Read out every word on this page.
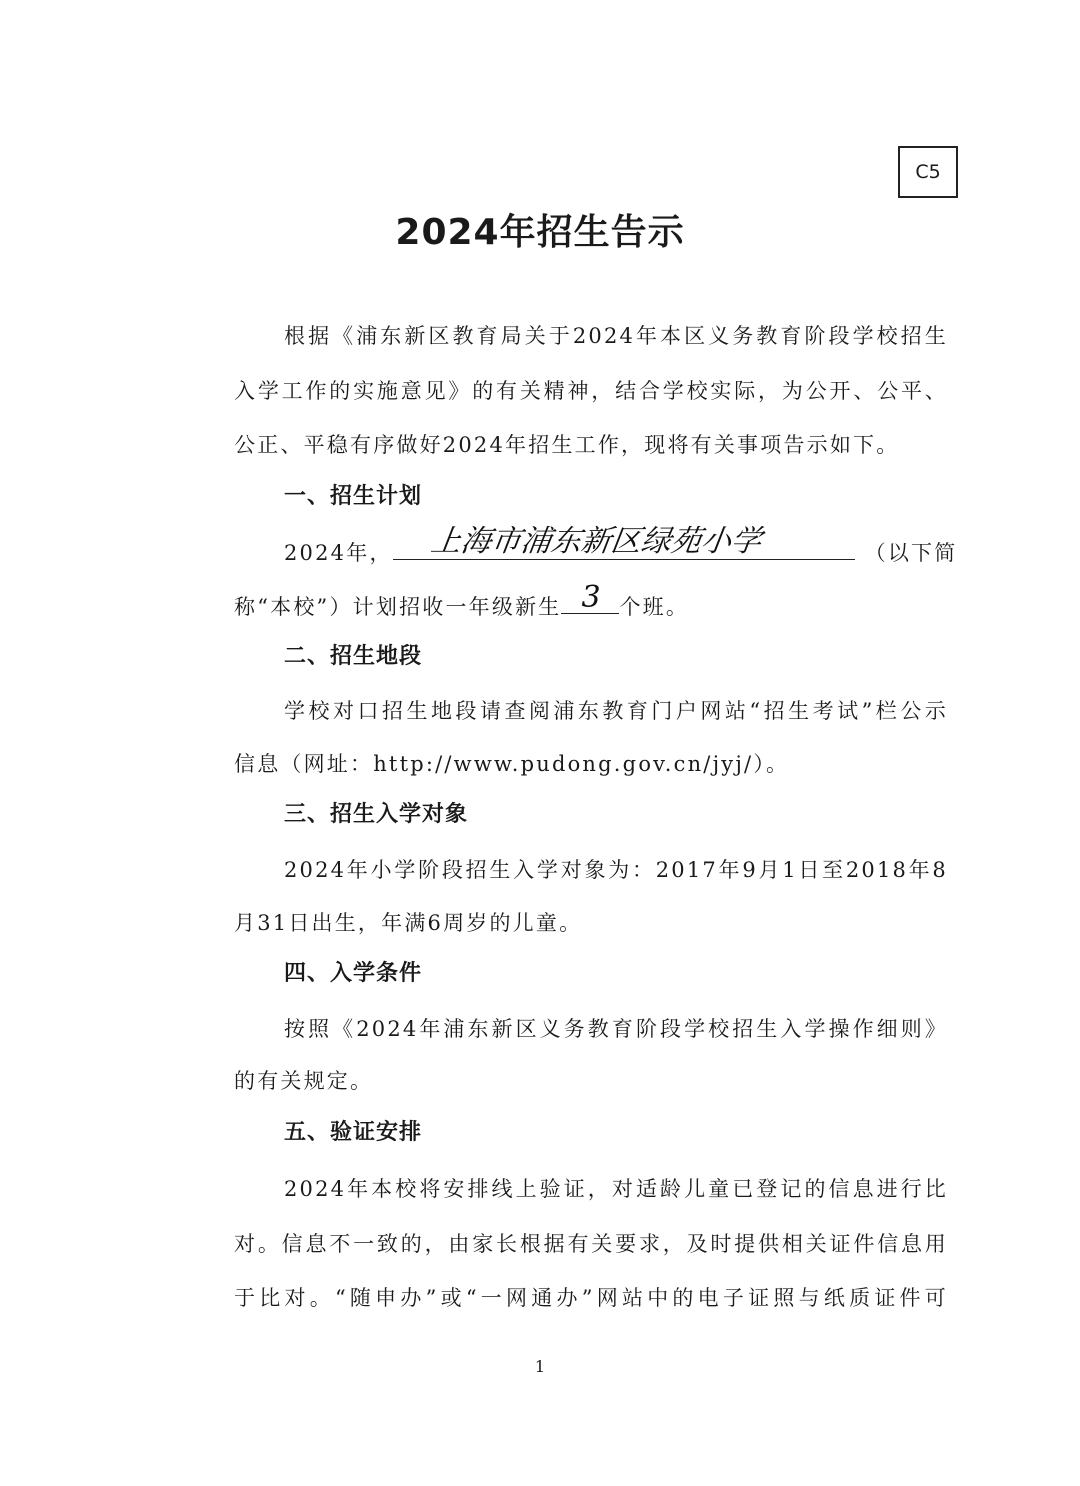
C5
2024年招生告示
根据《浦东新区教育局关于2024年本区义务教育阶段学校招生
入学工作的实施意见》的有关精神，结合学校实际，为公开、公平、
公正、平稳有序做好2024年招生工作，现将有关事项告示如下。
一、招生计划
2024年， 上海市浦东新区绿苑小学	（以下简
称“本校”）计划招收一年级新生 3 个班。
二、招生地段
学校对口招生地段请查阅浦东教育门户网站“招生考试”栏公示
信息（网址：http://www.pudong.gov.cn/jyj/）。
三、招生入学对象
2024年小学阶段招生入学对象为：2017年9月1日至2018年8
月31日出生，年满6周岁的儿童。
四、入学条件
按照《2024年浦东新区义务教育阶段学校招生入学操作细则》
的有关规定。
五、验证安排
2024年本校将安排线上验证，对适龄儿童已登记的信息进行比
对。信息不一致的，由家长根据有关要求，及时提供相关证件信息用
于比对。“随申办”或“一网通办”网站中的电子证照与纸质证件可
1
